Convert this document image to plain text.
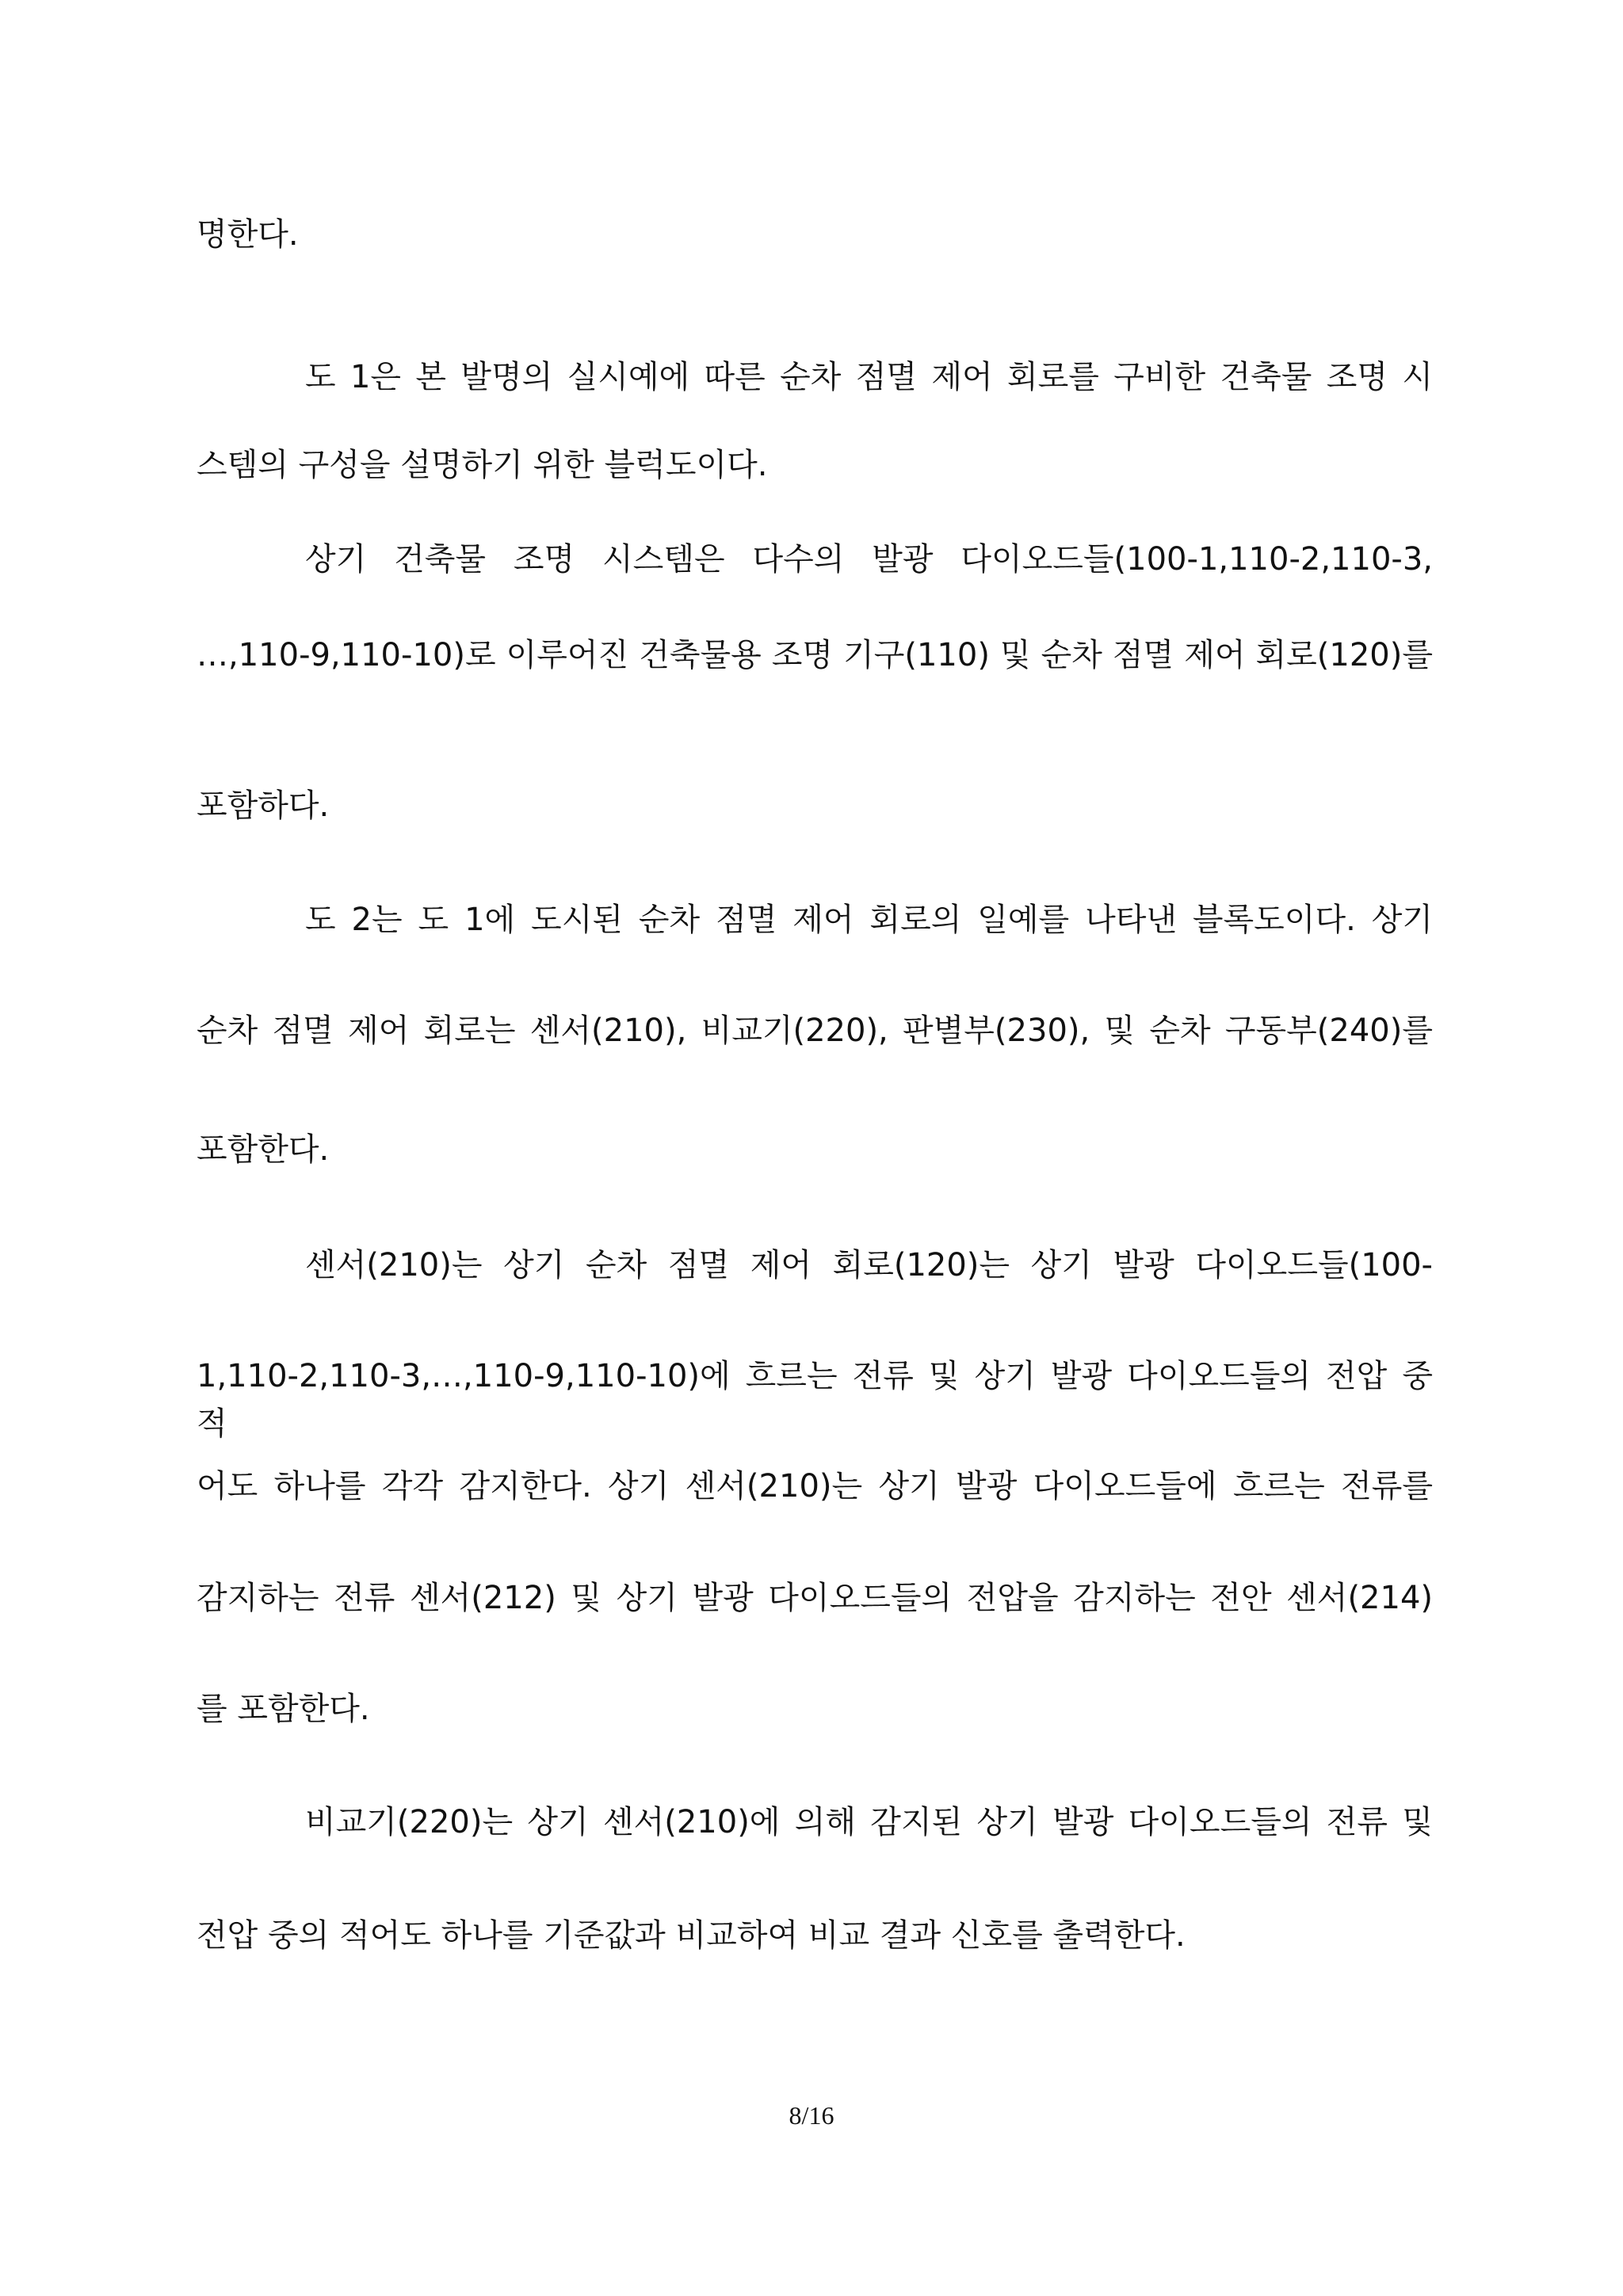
명한다.

도 1은 본 발명의 실시예에 따른 순차 점멸 제어 회로를 구비한 건축물 조명 시

스템의 구성을 설명하기 위한 블럭도이다.

상기 건축물 조명 시스템은 다수의 발광 다이오드들(100-1,110-2,110-3,

…,110-9,110-10)로 이루어진 건축물용 조명 기구(110) 및 순차 점멸 제어 회로(120)를

포함하다.

도 2는 도 1에 도시된 순차 점멸 제어 회로의 일예를 나타낸 블록도이다. 상기

순차 점멸 제어 회로는 센서(210), 비교기(220), 판별부(230), 및 순차 구동부(240)를

포함한다.

센서(210)는 상기 순차 점멸 제어 회로(120)는 상기 발광 다이오드들(100-

1,110-2,110-3,…,110-9,110-10)에 흐르는 전류 및 상기 발광 다이오드들의 전압 중 적

어도 하나를 각각 감지한다. 상기 센서(210)는 상기 발광 다이오드들에 흐르는 전류를

감지하는 전류 센서(212) 및 상기 발광 다이오드들의 전압을 감지하는 전안 센서(214)

를 포함한다.

비교기(220)는 상기 센서(210)에 의해 감지된 상기 발광 다이오드들의 전류 및

전압 중의 적어도 하나를 기준값과 비교하여 비교 결과 신호를 출력한다.

8/16
